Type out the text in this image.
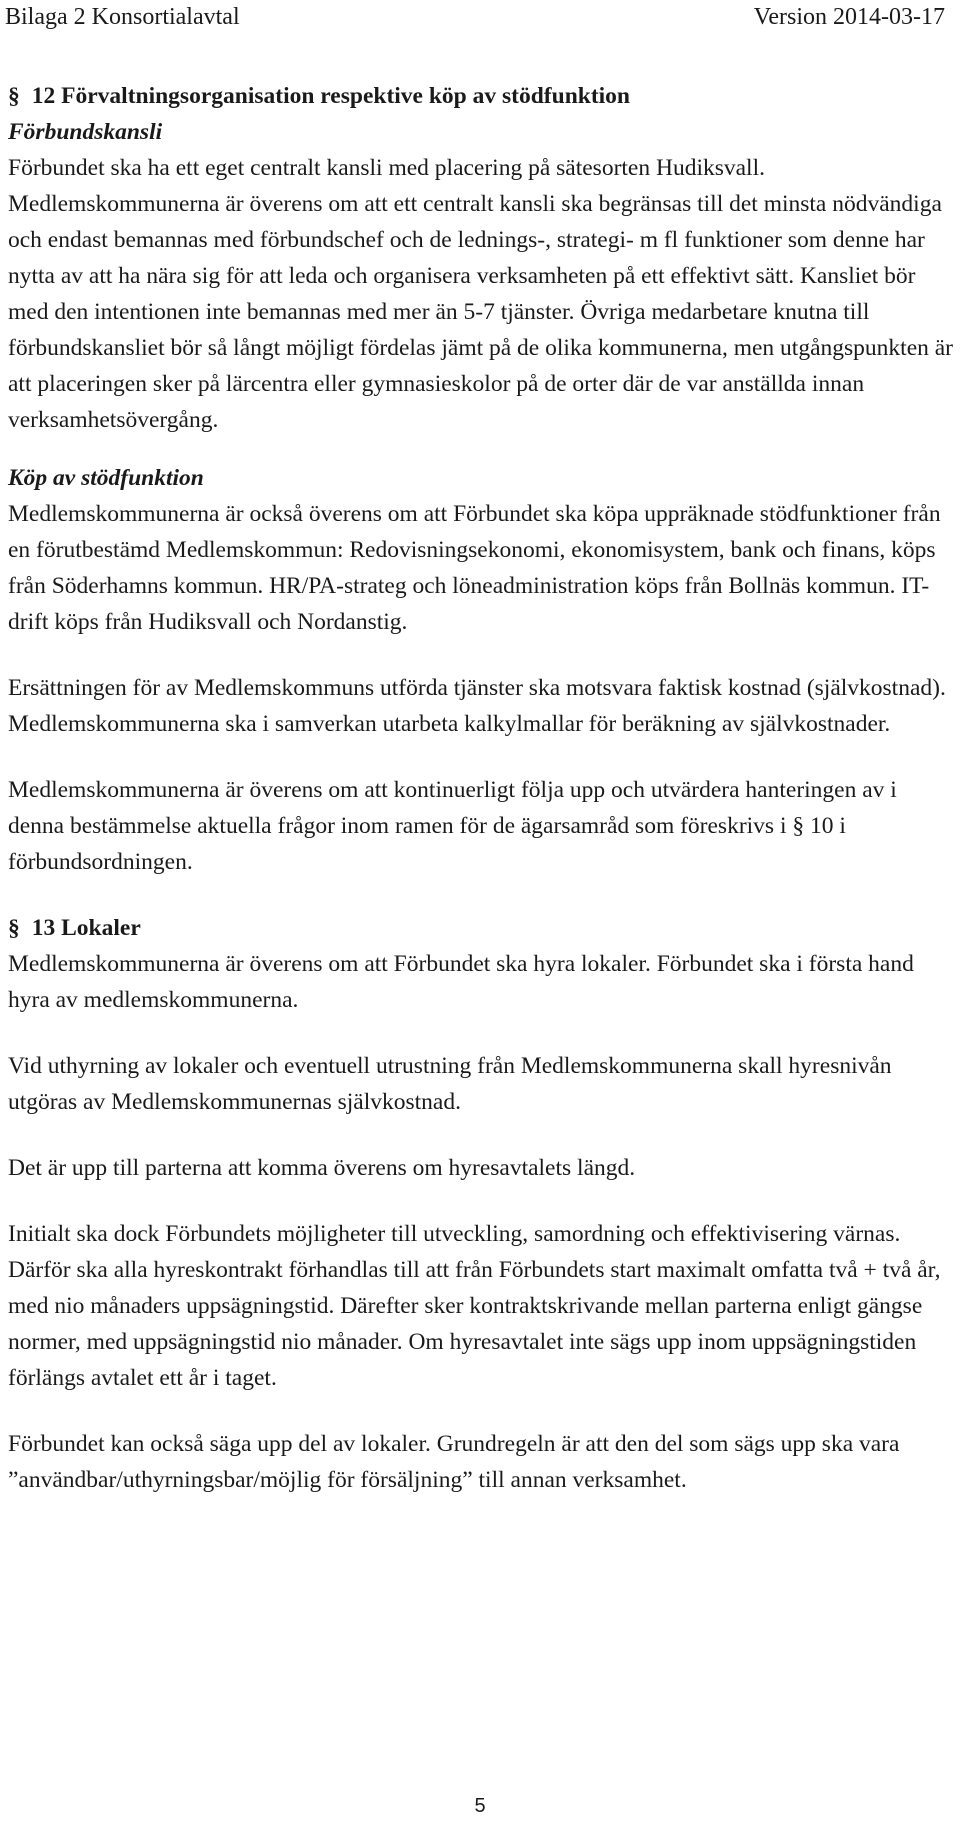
Bilaga 2 Konsortialavtal	Version 2014-03-17

§ 12 Förvaltningsorganisation respektive köp av stödfunktion

Förbundskansli

Förbundet ska ha ett eget centralt kansli med placering på sätesorten Hudiksvall. Medlemskommunerna är överens om att ett centralt kansli ska begränsas till det minsta nödvändiga och endast bemannas med förbundschef och de lednings-, strategi- m fl funktioner som denne har nytta av att ha nära sig för att leda och organisera verksamheten på ett effektivt sätt. Kansliet bör med den intentionen inte bemannas med mer än 5-7 tjänster. Övriga medarbetare knutna till förbundskansliet bör så långt möjligt fördelas jämt på de olika kommunerna, men utgångspunkten är att placeringen sker på lärcentra eller gymnasieskolor på de orter där de var anställda innan verksamhetsövergång.

Köp av stödfunktion

Medlemskommunerna är också överens om att Förbundet ska köpa uppräknade stödfunktioner från en förutbestämd Medlemskommun: Redovisningsekonomi, ekonomisystem, bank och finans, köps från Söderhamns kommun. HR/PA-strateg och löneadministration köps från Bollnäs kommun. IT-drift köps från Hudiksvall och Nordanstig.

Ersättningen för av Medlemskommuns utförda tjänster ska motsvara faktisk kostnad (självkostnad). Medlemskommunerna ska i samverkan utarbeta kalkylmallar för beräkning av självkostnader.

Medlemskommunerna är överens om att kontinuerligt följa upp och utvärdera hanteringen av i denna bestämmelse aktuella frågor inom ramen för de ägarsamråd som föreskrivs i § 10 i förbundsordningen.

§ 13 Lokaler

Medlemskommunerna är överens om att Förbundet ska hyra lokaler. Förbundet ska i första hand hyra av medlemskommunerna.

Vid uthyrning av lokaler och eventuell utrustning från Medlemskommunerna skall hyresnivån utgöras av Medlemskommunernas självkostnad.

Det är upp till parterna att komma överens om hyresavtalets längd.

Initialt ska dock Förbundets möjligheter till utveckling, samordning och effektivisering värnas. Därför ska alla hyreskontrakt förhandlas till att från Förbundets start maximalt omfatta två + två år, med nio månaders uppsägningstid. Därefter sker kontraktskrivande mellan parterna enligt gängse normer, med uppsägningstid nio månader. Om hyresavtalet inte sägs upp inom uppsägningstiden förlängs avtalet ett år i taget.

Förbundet kan också säga upp del av lokaler. Grundregeln är att den del som sägs upp ska vara ”användbar/uthyrningsbar/möjlig för försäljning” till annan verksamhet.

5
